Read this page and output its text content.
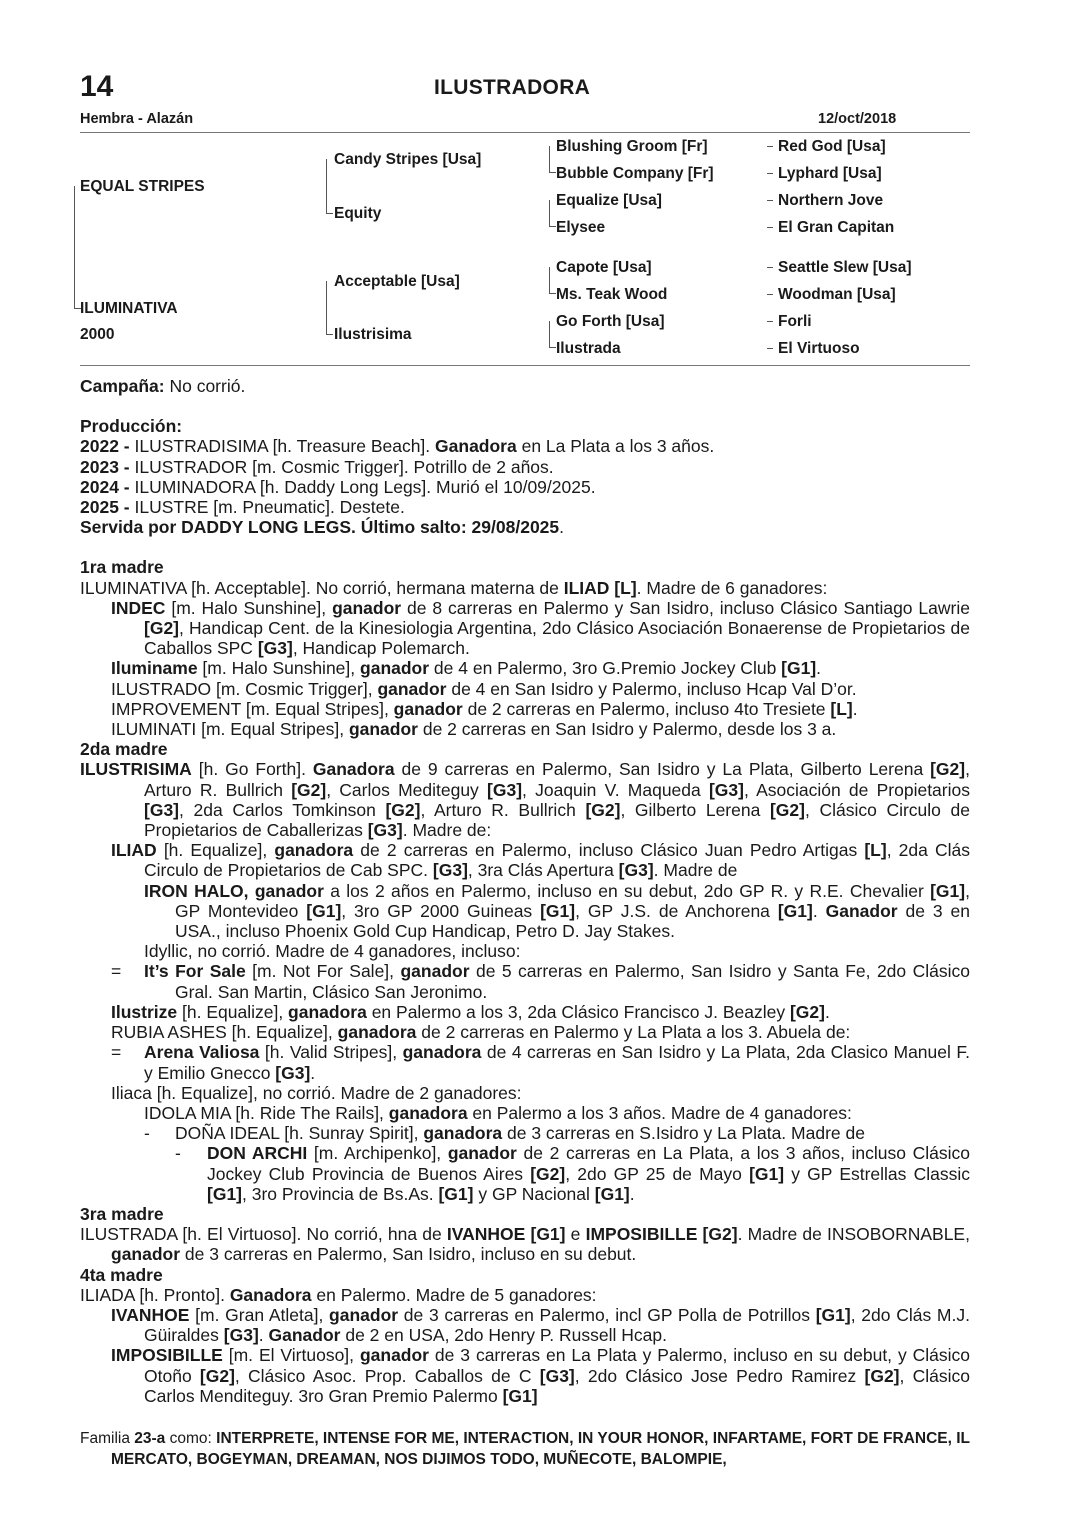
14	ILUSTRADORA
Hembra - Alazán	12/oct/2018
EQUAL STRIPES
ILUMINATIVA
2000
Candy Stripes [Usa]
Equity
Acceptable [Usa]
Ilustrisima
Blushing Groom [Fr]
Bubble Company [Fr]
Equalize [Usa]
Elysee
Capote [Usa]
Ms. Teak Wood
Go Forth [Usa]
Ilustrada
Red God [Usa]
Lyphard [Usa]
Northern Jove
El Gran Capitan
Seattle Slew [Usa]
Woodman [Usa]
Forli
El Virtuoso

Campaña: No corrió.

Producción:

2022 - ILUSTRADISIMA [h. Treasure Beach]. Ganadora en La Plata a los 3 años.

2023 - ILUSTRADOR [m. Cosmic Trigger]. Potrillo de 2 años.

2024 - ILUMINADORA [h. Daddy Long Legs]. Murió el 10/09/2025.

2025 - ILUSTRE [m. Pneumatic]. Destete.

Servida por DADDY LONG LEGS. Último salto: 29/08/2025.

1ra madre

ILUMINATIVA [h. Acceptable]. No corrió, hermana materna de ILIAD [L]. Madre de 6 ganadores:

INDEC [m. Halo Sunshine], ganador de 8 carreras en Palermo y San Isidro, incluso Clásico Santiago Lawrie [G2], Handicap Cent. de la Kinesiologia Argentina, 2do Clásico Asociación Bonaerense de Propietarios de Caballos SPC [G3], Handicap Polemarch.

Iluminame [m. Halo Sunshine], ganador de 4 en Palermo, 3ro G.Premio Jockey Club [G1].

ILUSTRADO [m. Cosmic Trigger], ganador de 4 en San Isidro y Palermo, incluso Hcap Val D’or.

IMPROVEMENT [m. Equal Stripes], ganador de 2 carreras en Palermo, incluso 4to Tresiete [L].

ILUMINATI [m. Equal Stripes], ganador de 2 carreras en San Isidro y Palermo, desde los 3 a.

2da madre

ILUSTRISIMA [h. Go Forth]. Ganadora de 9 carreras en Palermo, San Isidro y La Plata, Gilberto Lerena [G2], Arturo R. Bullrich [G2], Carlos Mediteguy [G3], Joaquin V. Maqueda [G3], Asociación de Propietarios [G3], 2da Carlos Tomkinson [G2], Arturo R. Bullrich [G2], Gilberto Lerena [G2], Clásico Circulo de Propietarios de Caballerizas [G3]. Madre de:

ILIAD [h. Equalize], ganadora de 2 carreras en Palermo, incluso Clásico Juan Pedro Artigas [L], 2da Clás Circulo de Propietarios de Cab SPC. [G3], 3ra Clás Apertura [G3]. Madre de

IRON HALO, ganador a los 2 años en Palermo, incluso en su debut, 2do GP R. y R.E. Chevalier [G1], GP Montevideo [G1], 3ro GP 2000 Guineas [G1], GP J.S. de Anchorena [G1]. Ganador de 3 en USA., incluso Phoenix Gold Cup Handicap, Petro D. Jay Stakes.

Idyllic, no corrió. Madre de 4 ganadores, incluso:

= It’s For Sale [m. Not For Sale], ganador de 5 carreras en Palermo, San Isidro y Santa Fe, 2do Clásico Gral. San Martin, Clásico San Jeronimo.

Ilustrize [h. Equalize], ganadora en Palermo a los 3, 2da Clásico Francisco J. Beazley [G2].

RUBIA ASHES [h. Equalize], ganadora de 2 carreras en Palermo y La Plata a los 3. Abuela de:

= Arena Valiosa [h. Valid Stripes], ganadora de 4 carreras en San Isidro y La Plata, 2da Clasico Manuel F. y Emilio Gnecco [G3].

Iliaca [h. Equalize], no corrió. Madre de 2 ganadores:

IDOLA MIA [h. Ride The Rails], ganadora en Palermo a los 3 años. Madre de 4 ganadores:

- DOÑA IDEAL [h. Sunray Spirit], ganadora de 3 carreras en S.Isidro y La Plata. Madre de

- DON ARCHI [m. Archipenko], ganador de 2 carreras en La Plata, a los 3 años, incluso Clásico Jockey Club Provincia de Buenos Aires [G2], 2do GP 25 de Mayo [G1] y GP Estrellas Classic [G1], 3ro Provincia de Bs.As. [G1] y GP Nacional [G1].

3ra madre

ILUSTRADA [h. El Virtuoso]. No corrió, hna de IVANHOE [G1] e IMPOSIBILLE [G2]. Madre de INSOBORNABLE, ganador de 3 carreras en Palermo, San Isidro, incluso en su debut.

4ta madre

ILIADA [h. Pronto]. Ganadora en Palermo. Madre de 5 ganadores:

IVANHOE [m. Gran Atleta], ganador de 3 carreras en Palermo, incl GP Polla de Potrillos [G1], 2do Clás M.J. Güiraldes [G3]. Ganador de 2 en USA, 2do Henry P. Russell Hcap.

IMPOSIBILLE [m. El Virtuoso], ganador de 3 carreras en La Plata y Palermo, incluso en su debut, y Clásico Otoño [G2], Clásico Asoc. Prop. Caballos de C [G3], 2do Clásico Jose Pedro Ramirez [G2], Clásico Carlos Menditeguy. 3ro Gran Premio Palermo [G1]

Familia 23-a como: INTERPRETE, INTENSE FOR ME, INTERACTION, IN YOUR HONOR, INFARTAME, FORT DE FRANCE, IL MERCATO, BOGEYMAN, DREAMAN, NOS DIJIMOS TODO, MUÑECOTE, BALOMPIE,
